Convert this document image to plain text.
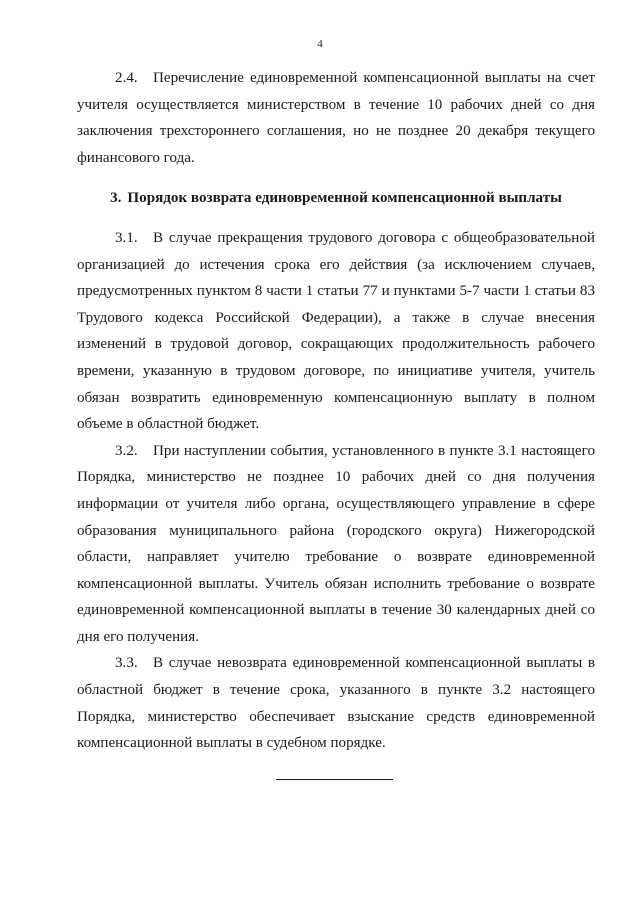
4

2.4. Перечисление единовременной компенсационной выплаты на счет учителя осуществляется министерством в течение 10 рабочих дней со дня заключения трехстороннего соглашения, но не позднее 20 декабря текущего финансового года.

3. Порядок возврата единовременной компенсационной выплаты

3.1. В случае прекращения трудового договора с общеобразовательной организацией до истечения срока его действия (за исключением случаев, предусмотренных пунктом 8 части 1 статьи 77 и пунктами 5-7 части 1 статьи 83 Трудового кодекса Российской Федерации), а также в случае внесения изменений в трудовой договор, сокращающих продолжительность рабочего времени, указанную в трудовом договоре, по инициативе учителя, учитель обязан возвратить единовременную компенсационную выплату в полном объеме в областной бюджет.

3.2. При наступлении события, установленного в пункте 3.1 настоящего Порядка, министерство не позднее 10 рабочих дней со дня получения информации от учителя либо органа, осуществляющего управление в сфере образования муниципального района (городского округа) Нижегородской области, направляет учителю требование о возврате единовременной компенсационной выплаты. Учитель обязан исполнить требование о возврате единовременной компенсационной выплаты в течение 30 календарных дней со дня его получения.

3.3. В случае невозврата единовременной компенсационной выплаты в областной бюджет в течение срока, указанного в пункте 3.2 настоящего Порядка, министерство обеспечивает взыскание средств единовременной компенсационной выплаты в судебном порядке.
